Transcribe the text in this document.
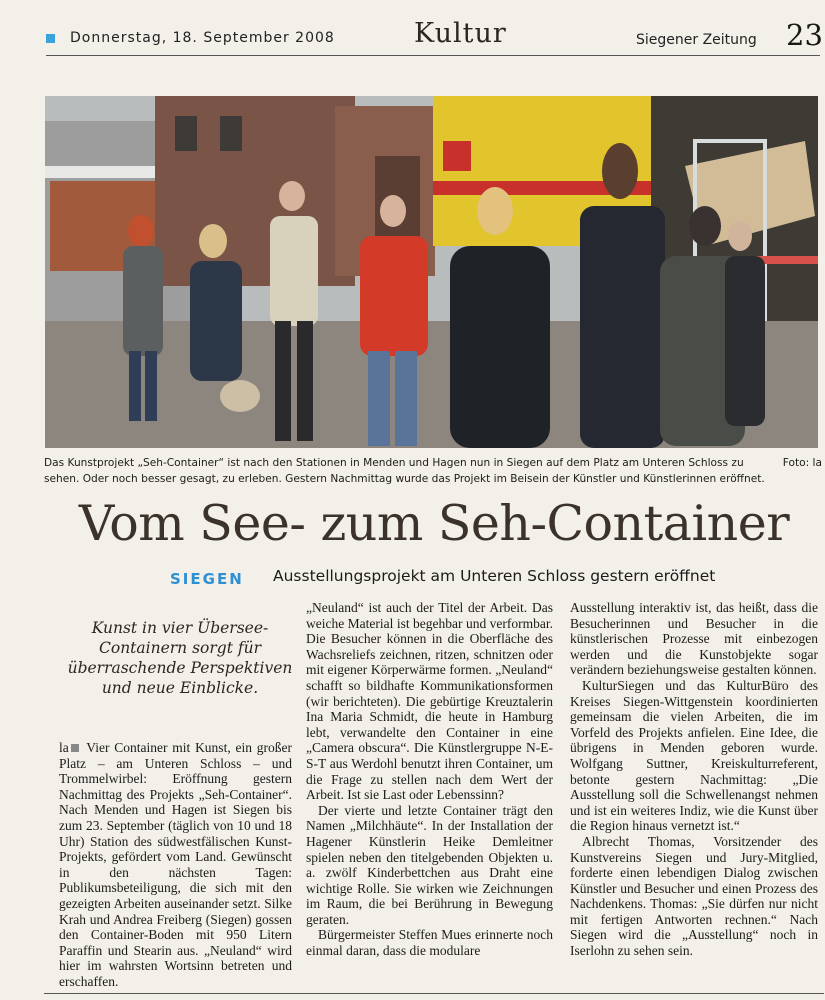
Donnerstag, 18. September 2008	Kultur	Siegener Zeitung 23
Foto: la
Das Kunstprojekt „Seh-Container“ ist nach den Stationen in Menden und Hagen nun in Siegen auf dem Platz am Unteren Schloss zu sehen. Oder noch besser gesagt, zu erleben. Gestern Nachmittag wurde das Projekt im Beisein der Künstler und Künstlerinnen eröffnet.
Vom See- zum Seh-Container
SIEGEN Ausstellungsprojekt am Unteren Schloss gestern eröffnet
Kunst in vier Übersee-Containern sorgt für überraschende Perspektiven und neue Einblicke.

la Vier Container mit Kunst, ein großer Platz – am Unteren Schloss – und Trommelwirbel: Eröffnung gestern Nachmittag des Projekts „Seh-Container“. Nach Menden und Hagen ist Siegen bis zum 23. September (täglich von 10 und 18 Uhr) Station des südwestfälischen Kunst-Projekts, gefördert vom Land. Gewünscht in den nächsten Tagen: Publikumsbeteiligung, die sich mit den gezeigten Arbeiten auseinander setzt. Silke Krah und Andrea Freiberg (Siegen) gossen den Container-Boden mit 950 Litern Paraffin und Stearin aus. „Neuland“ wird hier im wahrsten Wortsinn betreten und erschaffen.

„Neuland“ ist auch der Titel der Arbeit. Das weiche Material ist begehbar und verformbar. Die Besucher können in die Oberfläche des Wachsreliefs zeichnen, ritzen, schnitzen oder mit eigener Körperwärme formen. „Neuland“ schafft so bildhafte Kommunikationsformen (wir berichteten). Die gebürtige Kreuztalerin Ina Maria Schmidt, die heute in Hamburg lebt, verwandelte den Container in eine „Camera obscura“. Die Künstlergruppe N-E-S-T aus Werdohl benutzt ihren Container, um die Frage zu stellen nach dem Wert der Arbeit. Ist sie Last oder Lebenssinn?

Der vierte und letzte Container trägt den Namen „Milchhäute“. In der Installation der Hagener Künstlerin Heike Demleitner spielen neben den titelgebenden Objekten u. a. zwölf Kinderbettchen aus Draht eine wichtige Rolle. Sie wirken wie Zeichnungen im Raum, die bei Berührung in Bewegung geraten.

Bürgermeister Steffen Mues erinnerte noch einmal daran, dass die modulare

Ausstellung interaktiv ist, das heißt, dass die Besucherinnen und Besucher in die künstlerischen Prozesse mit einbezogen werden und die Kunstobjekte sogar verändern beziehungsweise gestalten können.

KulturSiegen und das KulturBüro des Kreises Siegen-Wittgenstein koordinierten gemeinsam die vielen Arbeiten, die im Vorfeld des Projekts anfielen. Eine Idee, die übrigens in Menden geboren wurde. Wolfgang Suttner, Kreiskulturreferent, betonte gestern Nachmittag: „Die Ausstellung soll die Schwellenangst nehmen und ist ein weiteres Indiz, wie die Kunst über die Region hinaus vernetzt ist.“

Albrecht Thomas, Vorsitzender des Kunstvereins Siegen und Jury-Mitglied, forderte einen lebendigen Dialog zwischen Künstler und Besucher und einen Prozess des Nachdenkens. Thomas: „Sie dürfen nur nicht mit fertigen Antworten rechnen.“ Nach Siegen wird die „Ausstellung“ noch in Iserlohn zu sehen sein.
